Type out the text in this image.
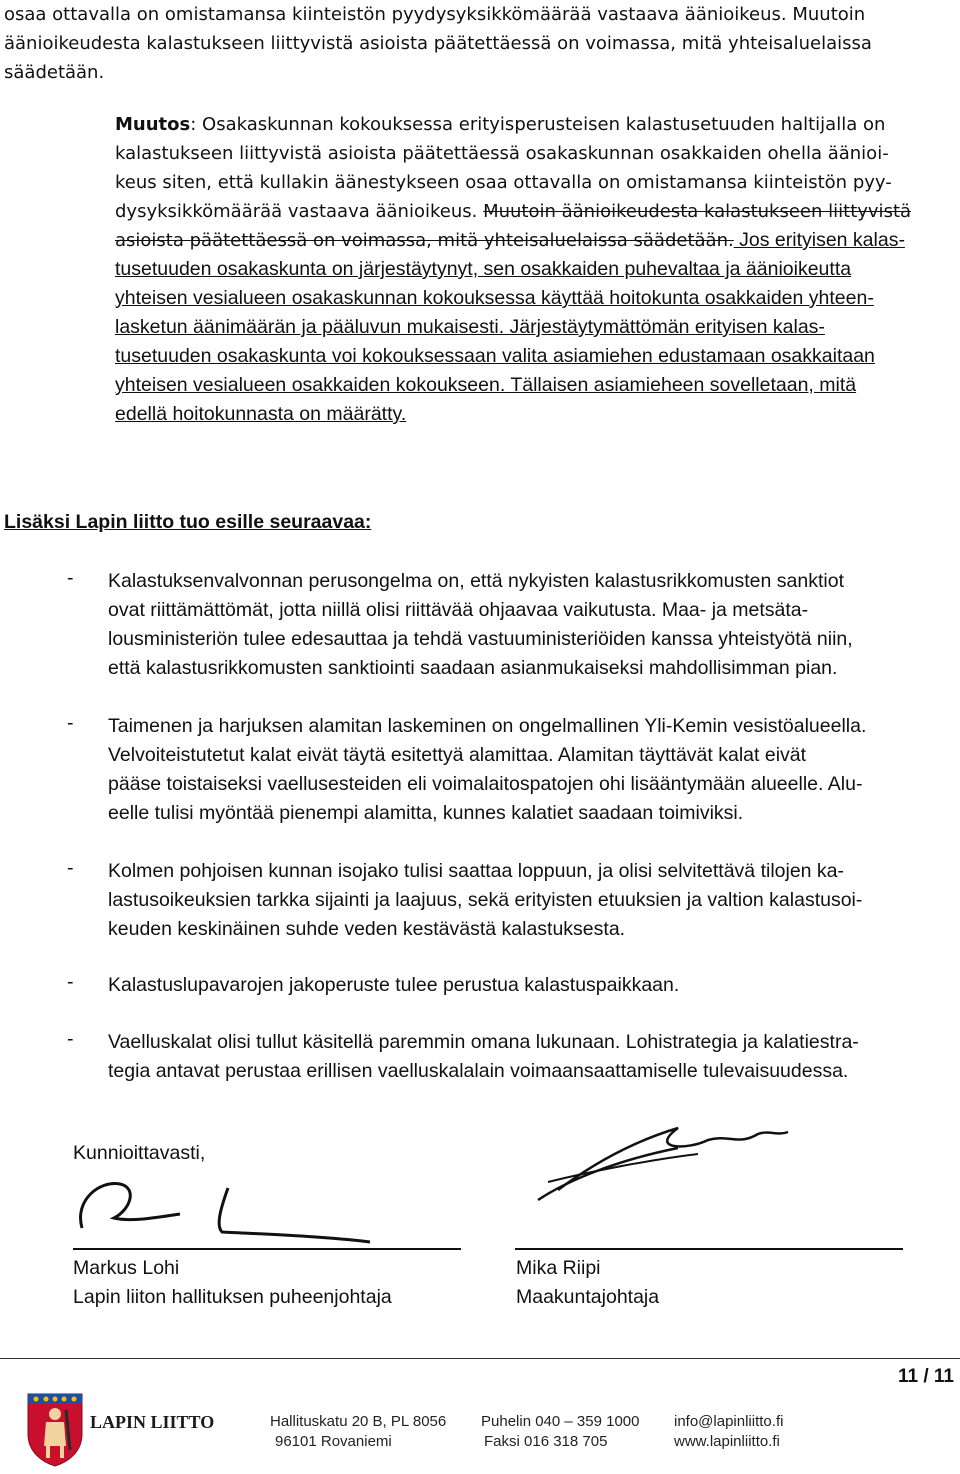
osaa ottavalla on omistamansa kiinteistön pyydysyksikkömäärää vastaava äänioikeus. Muutoin
äänioikeudesta kalastukseen liittyvistä asioista päätettäessä on voimassa, mitä yhteisaluelaissa
säädetään.
Muutos: Osakaskunnan kokouksessa erityisperusteisen kalastusetuuden haltijalla on
kalastukseen liittyvistä asioista päätettäessä osakaskunnan osakkaiden ohella äänioi-
keus siten, että kullakin äänestykseen osaa ottavalla on omistamansa kiinteistön pyy-
dysyksikkömäärää vastaava äänioikeus. Muutoin äänioikeudesta kalastukseen liittyvistä
asioista päätettäessä on voimassa, mitä yhteisaluelaissa säädetään. Jos erityisen kalas-
tusetuuden osakaskunta on järjestäytynyt, sen osakkaiden puhevaltaa ja äänioikeutta
yhteisen vesialueen osakaskunnan kokouksessa käyttää hoitokunta osakkaiden yhteen-
lasketun äänimäärän ja pääluvun mukaisesti. Järjestäytymättömän erityisen kalas-
tusetuuden osakaskunta voi kokouksessaan valita asiamiehen edustamaan osakkaitaan
yhteisen vesialueen osakkaiden kokoukseen. Tällaisen asiamieheen sovelletaan, mitä
edellä hoitokunnasta on määrätty.
Lisäksi Lapin liitto tuo esille seuraavaa:
- Kalastuksenvalvonnan perusongelma on, että nykyisten kalastusrikkomusten sanktiot
ovat riittämättömät, jotta niillä olisi riittävää ohjaavaa vaikutusta. Maa- ja metsäta-
lousministeriön tulee edesauttaa ja tehdä vastuuministeriöiden kanssa yhteistyötä niin,
että kalastusrikkomusten sanktiointi saadaan asianmukaiseksi mahdollisimman pian.
- Taimenen ja harjuksen alamitan laskeminen on ongelmallinen Yli-Kemin vesistöalueella.
Velvoiteistutetut kalat eivät täytä esitettyä alamittaa. Alamitan täyttävät kalat eivät
pääse toistaiseksi vaellusesteiden eli voimalaitospatojen ohi lisääntymään alueelle. Alu-
eelle tulisi myöntää pienempi alamitta, kunnes kalatiet saadaan toimiviksi.
- Kolmen pohjoisen kunnan isojako tulisi saattaa loppuun, ja olisi selvitettävä tilojen ka-
lastusoikeuksien tarkka sijainti ja laajuus, sekä erityisten etuuksien ja valtion kalastusoi-
keuden keskinäinen suhde veden kestävästä kalastuksesta.
- Kalastuslupavarojen jakoperuste tulee perustua kalastuspaikkaan.
- Vaelluskalat olisi tullut käsitellä paremmin omana lukunaan. Lohistrategia ja kalatiestra-
tegia antavat perustaa erillisen vaelluskalalain voimaansaattamiselle tulevaisuudessa.
Kunnioittavasti,
Markus Lohi
Lapin liiton hallituksen puheenjohtaja
Mika Riipi
Maakuntajohtaja
11 / 11
LAPIN LIITTO	Hallituskatu 20 B, PL 8056
96101 Rovaniemi
Puhelin 040 – 359 1000
Faksi 016 318 705
info@lapinliitto.fi
www.lapinliitto.fi
